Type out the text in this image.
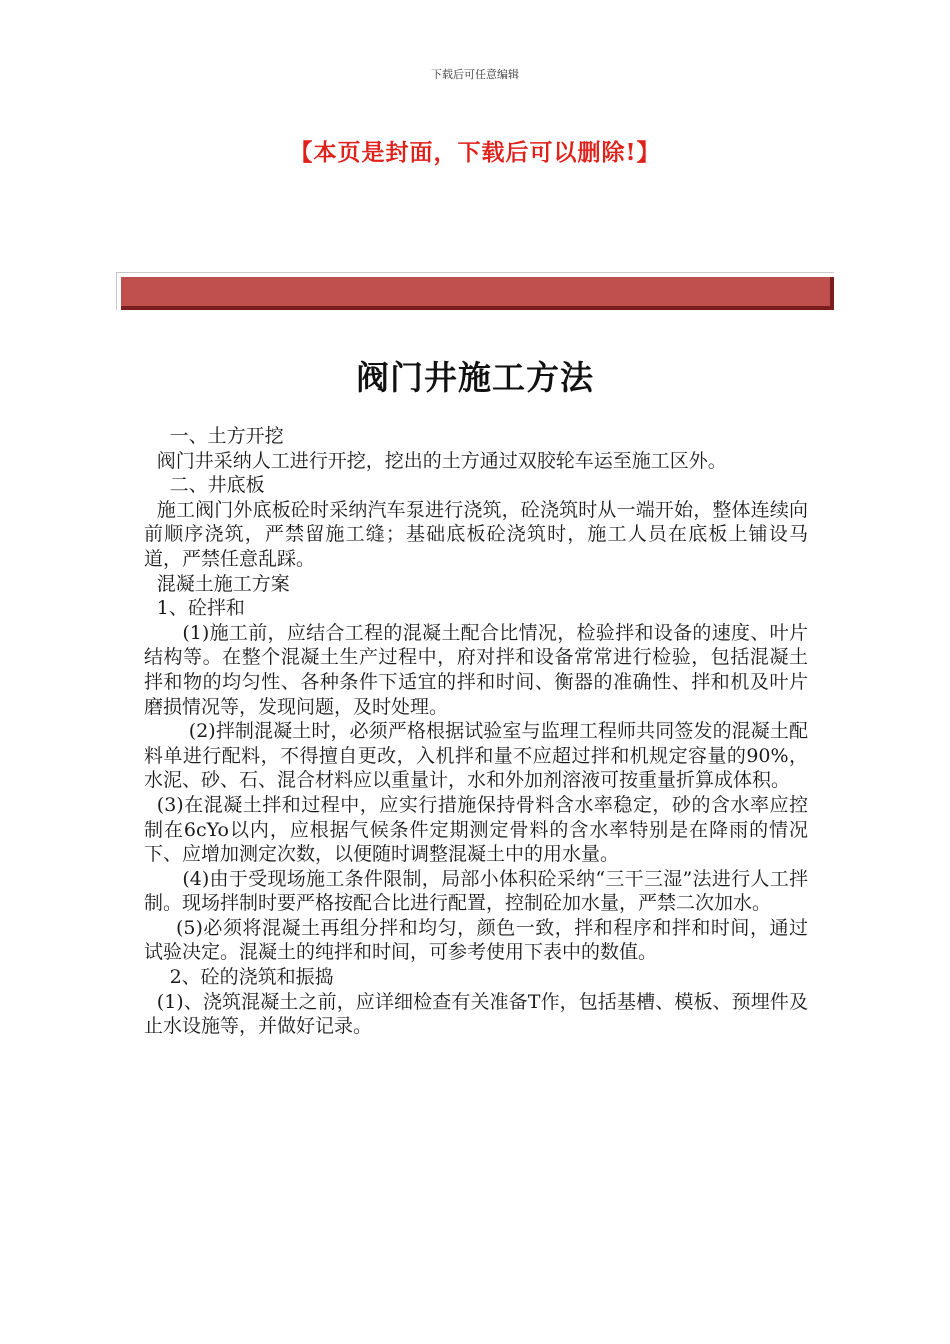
下载后可任意编辑
【本页是封面，下载后可以删除!】
阀门井施工方法

一、土方开挖

阀门井采纳人工进行开挖，挖出的土方通过双胶轮车运至施工区外。

二、井底板

施工阀门外底板砼时采纳汽车泵进行浇筑，砼浇筑时从一端开始，整体连续向前顺序浇筑，严禁留施工缝；基础底板砼浇筑时，施工人员在底板上铺设马道，严禁任意乱踩。

混凝土施工方案

1、砼拌和

(1)施工前，应结合工程的混凝土配合比情况，检验拌和设备的速度、叶片结构等。在整个混凝土生产过程中，府对拌和设备常常进行检验，包括混凝土拌和物的均匀性、各种条件下适宜的拌和时间、衡器的准确性、拌和机及叶片磨损情况等，发现问题，及时处理。

(2)拌制混凝土时，必须严格根据试验室与监理工程师共同签发的混凝土配料单进行配料，不得擅自更改，入机拌和量不应超过拌和机规定容量的90%，水泥、砂、石、混合材料应以重量计，水和外加剂溶液可按重量折算成体积。

(3)在混凝土拌和过程中，应实行措施保持骨料含水率稳定，砂的含水率应控制在6cYo以内，应根据气候条件定期测定骨料的含水率特别是在降雨的情况下、应增加测定次数，以便随时调整混凝土中的用水量。

(4)由于受现场施工条件限制，局部小体积砼采纳“三干三湿”法进行人工拌制。现场拌制时要严格按配合比进行配置，控制砼加水量，严禁二次加水。

(5)必须将混凝土再组分拌和均匀，颜色一致，拌和程序和拌和时间，通过试验决定。混凝土的纯拌和时间，可参考使用下表中的数值。

2、砼的浇筑和振捣

(1)、浇筑混凝土之前，应详细检查有关准备T作，包括基槽、模板、预埋件及止水设施等，并做好记录。
